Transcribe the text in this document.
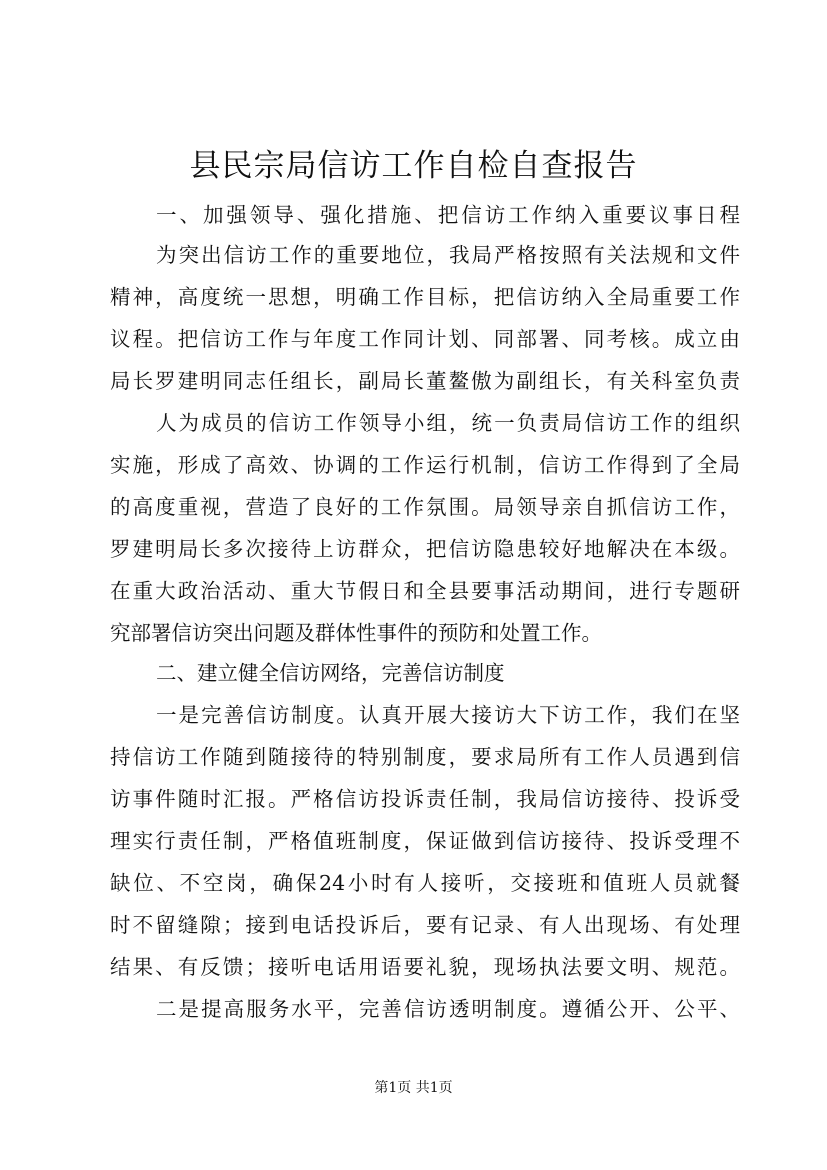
县民宗局信访工作自检自查报告
一、加强领导、强化措施、把信访工作纳入重要议事日程
为突出信访工作的重要地位，我局严格按照有关法规和文件
精神，高度统一思想，明确工作目标，把信访纳入全局重要工作
议程。把信访工作与年度工作同计划、同部署、同考核。成立由
局长罗建明同志任组长，副局长董鳌傲为副组长，有关科室负责
人为成员的信访工作领导小组，统一负责局信访工作的组织
实施，形成了高效、协调的工作运行机制，信访工作得到了全局
的高度重视，营造了良好的工作氛围。局领导亲自抓信访工作，
罗建明局长多次接待上访群众，把信访隐患较好地解决在本级。
在重大政治活动、重大节假日和全县要事活动期间，进行专题研
究部署信访突出问题及群体性事件的预防和处置工作。
二、建立健全信访网络，完善信访制度
一是完善信访制度。认真开展大接访大下访工作，我们在坚
持信访工作随到随接待的特别制度，要求局所有工作人员遇到信
访事件随时汇报。严格信访投诉责任制，我局信访接待、投诉受
理实行责任制，严格值班制度，保证做到信访接待、投诉受理不
缺位、不空岗，确保24小时有人接听，交接班和值班人员就餐
时不留缝隙；接到电话投诉后，要有记录、有人出现场、有处理
结果、有反馈；接听电话用语要礼貌，现场执法要文明、规范。
二是提高服务水平，完善信访透明制度。遵循公开、公平、
第1页 共1页
